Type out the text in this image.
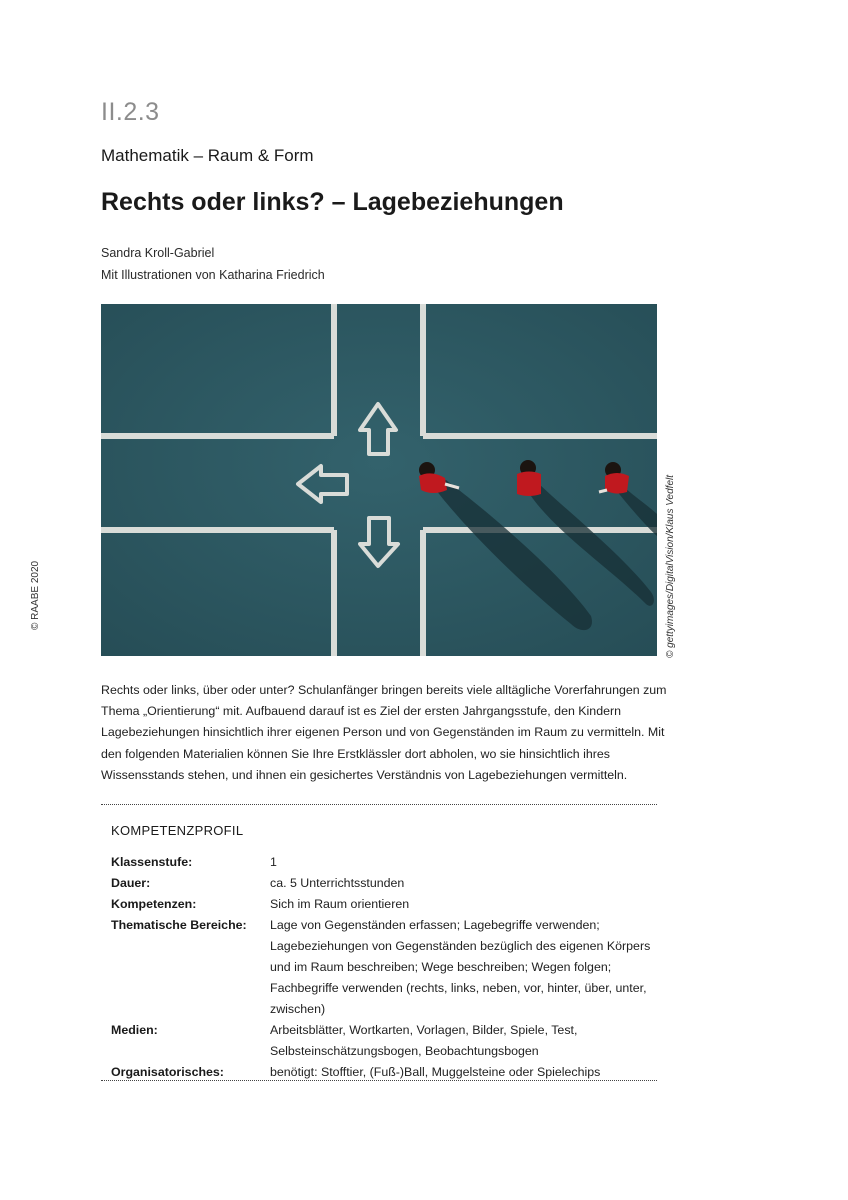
II.2.3
Mathematik – Raum & Form
Rechts oder links? – Lagebeziehungen
Sandra Kroll-Gabriel
Mit Illustrationen von Katharina Friedrich
© RAABE 2020	© gettyimages/DigitalVision/Klaus Vedfelt
Rechts oder links, über oder unter? Schulanfänger bringen bereits viele alltägliche Vorerfahrungen zum Thema „Orientierung“ mit. Aufbauend darauf ist es Ziel der ersten Jahrgangsstufe, den Kindern Lagebeziehungen hinsichtlich ihrer eigenen Person und von Gegenständen im Raum zu vermitteln. Mit den folgenden Materialien können Sie Ihre Erstklässler dort abholen, wo sie hinsichtlich ihres Wissensstands stehen, und ihnen ein gesichertes Verständnis von Lagebeziehungen vermitteln.
KOMPETENZPROFIL
Klassenstufe:	1
Dauer:	ca. 5 Unterrichtsstunden
Kompetenzen:	Sich im Raum orientieren
Thematische Bereiche: Lage von Gegenständen erfassen; Lagebegriffe verwenden; Lagebeziehungen von Gegenständen bezüglich des eigenen Körpers und im Raum beschreiben; Wege beschreiben; Wegen folgen; Fachbegriffe verwenden (rechts, links, neben, vor, hinter, über, unter, zwischen)
Medien:	Arbeitsblätter, Wortkarten, Vorlagen, Bilder, Spiele, Test, Selbsteinschätzungsbogen, Beobachtungsbogen
Organisatorisches:	benötigt: Stofftier, (Fuß-)Ball, Muggelsteine oder Spielechips
